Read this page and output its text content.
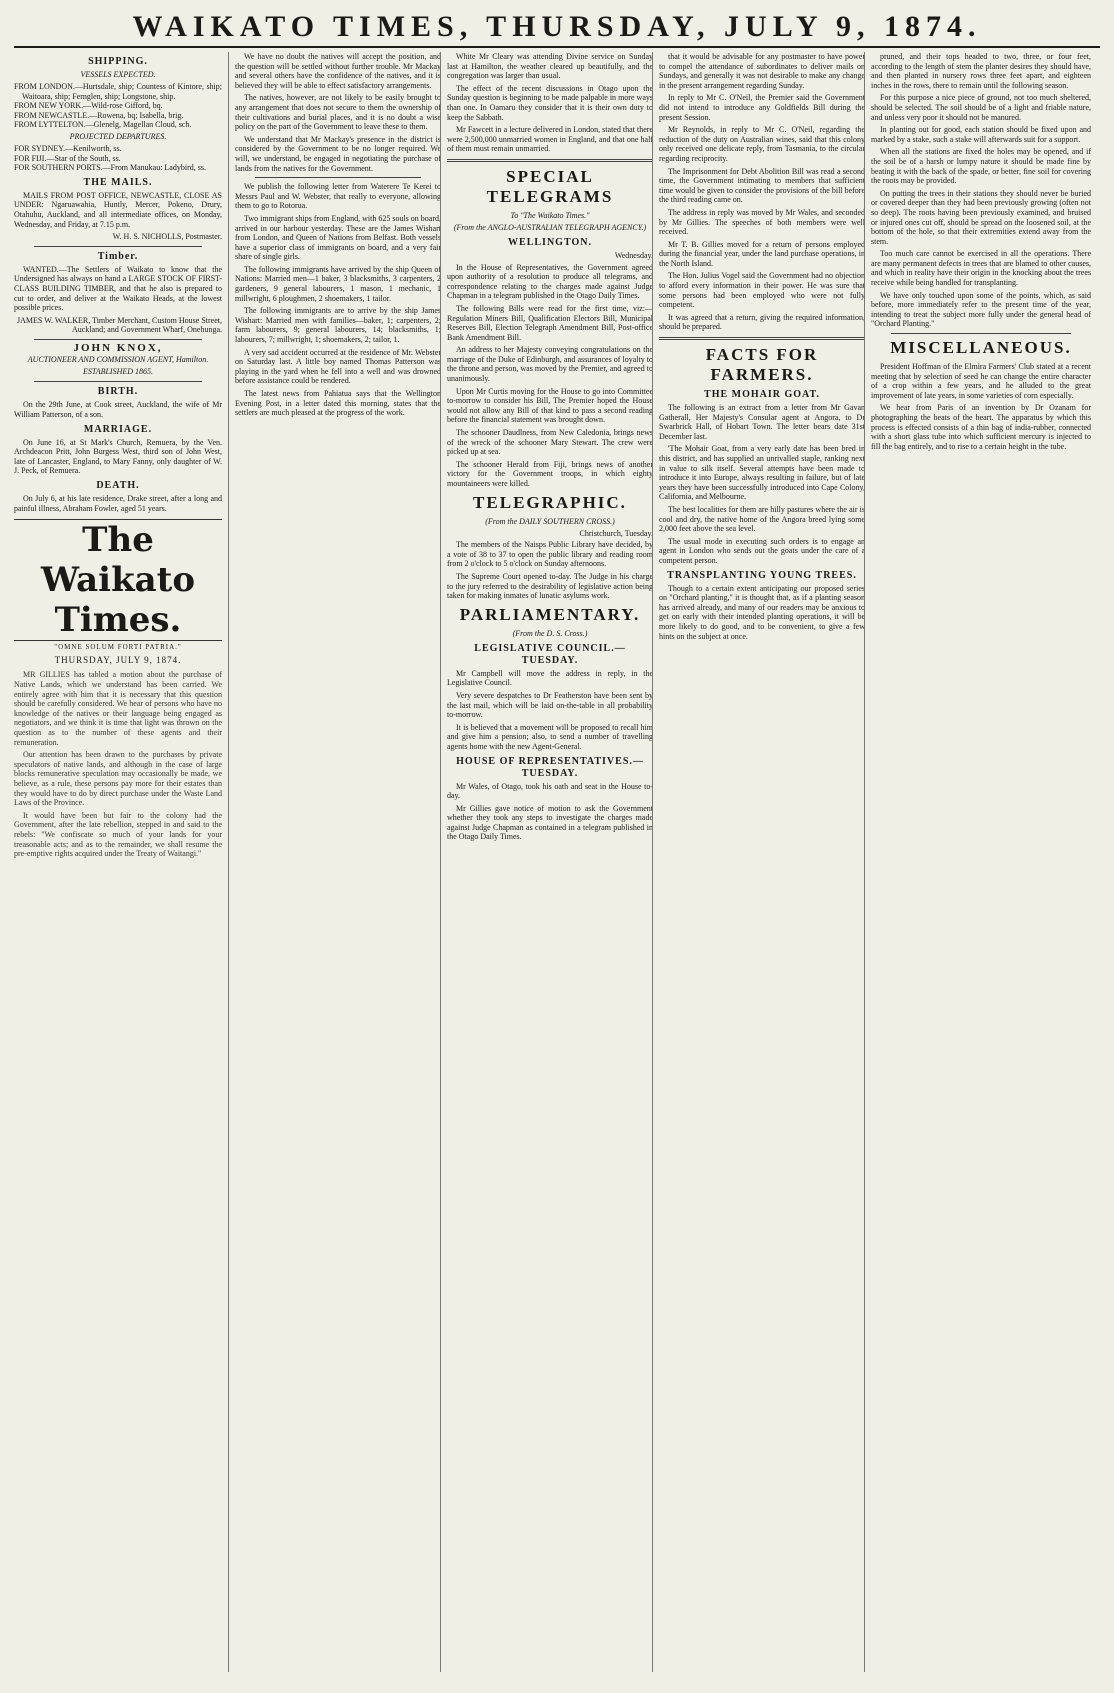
WAIKATO TIMES, THURSDAY, JULY 9, 1874.
SHIPPING.
VESSELS EXPECTED.

FROM LONDON.—Hurtsdale, ship; Countess of Kintore, ship; Waitoara, ship; Fernglen, ship; Longstone, ship.

FROM NEW YORK.—Wild-rose Gifford, bq.

FROM NEWCASTLE.—Rowena, bq; Isabella, brig.

FROM LYTTELTON.—Glenelg, Magellan Cloud, sch.

PROJECTED DEPARTURES.

FOR SYDNEY.—Kenilworth, ss.

FOR FIJI.—Star of the South, ss.

FOR SOUTHERN PORTS.—From Manukau: Ladybird, ss.

THE MAILS.

MAILS FROM POST OFFICE, NEWCASTLE, CLOSE AS UNDER: Ngaruawahia, Huntly, Mercer, Pokeno, Drury, Otahuhu, Auckland, and all intermediate offices, on Monday, Wednesday, and Friday, at 7.15 p.m.

W. H. S. NICHOLLS, Postmaster.
Timber.

WANTED.—The Settlers of Waikato to know that the Undersigned has always on hand a LARGE STOCK OF FIRST-CLASS BUILDING TIMBER, and that he also is prepared to cut to order, and deliver at the Waikato Heads, at the lowest possible prices.

JAMES W. WALKER, Timber Merchant, Custom House Street, Auckland; and Government Wharf, Onehunga.
JOHN KNOX,
AUCTIONEER AND COMMISSION AGENT, Hamilton.
ESTABLISHED 1865.
BIRTH.

On the 29th June, at Cook street, Auckland, the wife of Mr William Patterson, of a son.

MARRIAGE.

On June 16, at St Mark's Church, Remuera, by the Ven. Archdeacon Pritt, John Burgess West, third son of John West, late of Lancaster, England, to Mary Fanny, only daughter of W. J. Peck, of Remuera.

DEATH.

On July 6, at his late residence, Drake street, after a long and painful illness, Abraham Fowler, aged 51 years.

The Waikato Times.
"OMNE SOLUM FORTI PATRIA."
THURSDAY, JULY 9, 1874.

MR GILLIES has tabled a motion about the purchase of Native Lands, which we understand has been carried. We entirely agree with him that it is necessary that this question should be carefully considered. We hear of persons who have no knowledge of the natives or their language being engaged as negotiators, and we think it is time that light was thrown on the question as to the number of these agents and their remuneration.

Our attention has been drawn to the purchases by private speculators of native lands, and although in the case of large blocks remunerative speculation may occasionally be made, we believe, as a rule, these persons pay more for their estates than they would have to do by direct purchase under the Waste Land Laws of the Province.

It would have been but fair to the colony had the Government, after the late rebellion, stepped in and said to the rebels: "We confiscate so much of your lands for your treasonable acts; and as to the remainder, we shall resume the pre-emptive rights acquired under the Treaty of Waitangi."

We have no doubt the natives will accept the position, and the question will be settled without further trouble. Mr Mackay and several others have the confidence of the natives, and it is believed they will be able to effect satisfactory arrangements.

The natives, however, are not likely to be easily brought to any arrangement that does not secure to them the ownership of their cultivations and burial places, and it is no doubt a wise policy on the part of the Government to leave these to them.

We understand that Mr Mackay's presence in the district is considered by the Government to be no longer required. We will, we understand, be engaged in negotiating the purchase of lands from the natives for the Government.

We publish the following letter from Waterere Te Kerei to Messrs Paul and W. Webster, that really to everyone, allowing them to go to Rotorua.

Two immigrant ships from England, with 625 souls on board, arrived in our harbour yesterday. These are the James Wishart from London, and Queen of Nations from Belfast. Both vessels have a superior class of immigrants on board, and a very fair share of single girls.

The following immigrants have arrived by the ship Queen of Nations: Married men—1 baker, 3 blacksmiths, 3 carpenters, 2 gardeners, 9 general labourers, 1 mason, 1 mechanic, 1 millwright, 6 ploughmen, 2 shoemakers, 1 tailor.

The following immigrants are to arrive by the ship James Wishart: Married men with families—baker, 1; carpenters, 2; farm labourers, 9; general labourers, 14; blacksmiths, 1; labourers, 7; millwright, 1; shoemakers, 2; tailor, 1.

A very sad accident occurred at the residence of Mr. Webster on Saturday last. A little boy named Thomas Patterson was playing in the yard when he fell into a well and was drowned before assistance could be rendered.

The latest news from Pahiatua says that the Wellington Evening Post, in a letter dated this morning, states that the settlers are much pleased at the progress of the work.

White Mr Cleary was attending Divine service on Sunday last at Hamilton, the weather cleared up beautifully, and the congregation was larger than usual.

The effect of the recent discussions in Otago upon the Sunday question is beginning to be made palpable in more ways than one. In Oamaru they consider that it is their own duty to keep the Sabbath.

Mr Fawcett in a lecture delivered in London, stated that there were 2,500,000 unmarried women in England, and that one half of them must remain unmarried.

SPECIAL TELEGRAMS
To "The Waikato Times."
(From the ANGLO-AUSTRALIAN TELEGRAPH AGENCY.)
WELLINGTON.
Wednesday.

In the House of Representatives, the Government agreed upon authority of a resolution to produce all telegrams, and correspondence relating to the charges made against Judge Chapman in a telegram published in the Otago Daily Times.

The following Bills were read for the first time, viz:—Regulation Miners Bill, Qualification Electors Bill, Municipal Reserves Bill, Election Telegraph Amendment Bill, Post-office Bank Amendment Bill.

An address to her Majesty conveying congratulations on the marriage of the Duke of Edinburgh, and assurances of loyalty to the throne and person, was moved by the Premier, and agreed to unanimously.

Upon Mr Curtis moving for the House to go into Committee to-morrow to consider his Bill, The Premier hoped the House would not allow any Bill of that kind to pass a second reading before the financial statement was brought down.

The schooner Daudlness, from New Caledonia, brings news of the wreck of the schooner Mary Stewart. The crew were picked up at sea.

The schooner Herald from Fiji, brings news of another victory for the Government troops, in which eighty mountaineers were killed.

TELEGRAPHIC.
(From the DAILY SOUTHERN CROSS.)
Christchurch, Tuesday.

The members of the Naisps Public Library have decided, by a vote of 38 to 37 to open the public library and reading room from 2 o'clock to 5 o'clock on Sunday afternoons.

The Supreme Court opened to-day. The Judge in his charge to the jury referred to the desirability of legislative action being taken for making inmates of lunatic asylums work.

PARLIAMENTARY.
(From the D. S. Cross.)
LEGISLATIVE COUNCIL.—TUESDAY.

Mr Campbell will move the address in reply, in the Legislative Council.

Very severe despatches to Dr Featherston have been sent by the last mail, which will be laid on-the-table in all probability to-morrow.

It is believed that a movement will be proposed to recall him and give him a pension; also, to send a number of travelling agents home with the new Agent-General.

HOUSE OF REPRESENTATIVES.—TUESDAY.

Mr Wales, of Otago, took his oath and seat in the House to-day.

Mr Gillies gave notice of motion to ask the Government whether they took any steps to investigate the charges made against Judge Chapman as contained in a telegram published in the Otago Daily Times.

that it would be advisable for any postmaster to have power to compel the attendance of subordinates to deliver mails on Sundays, and generally it was not desirable to make any change in the present arrangement regarding Sunday.

In reply to Mr C. O'Neil, the Premier said the Government did not intend to introduce any Goldfields Bill during the present Session.

Mr Reynolds, in reply to Mr C. O'Neil, regarding the reduction of the duty on Australian wines, said that this colony only received one delicate reply, from Tasmania, to the circular regarding reciprocity.

The Imprisonment for Debt Abolition Bill was read a second time, the Government intimating to members that sufficient time would be given to consider the provisions of the bill before the third reading came on.

The address in reply was moved by Mr Wales, and seconded by Mr Gillies. The speeches of both members were well received.

Mr T. B. Gillies moved for a return of persons employed during the financial year, under the land purchase operations, in the North Island.

The Hon. Julius Vogel said the Government had no objection to afford every information in their power. He was sure that some persons had been employed who were not fully competent.

It was agreed that a return, giving the required information, should be prepared.

FACTS FOR FARMERS.
THE MOHAIR GOAT.

The following is an extract from a letter from Mr Gavan Gatherall, Her Majesty's Consular agent at Angora, to Dr Swarbrick Hall, of Hobart Town. The letter bears date 31st December last.

'The Mohair Goat, from a very early date has been bred in this district, and has supplied an unrivalled staple, ranking next in value to silk itself. Several attempts have been made to introduce it into Europe, always resulting in failure, but of late years they have been successfully introduced into Cape Colony, California, and Melbourne.

The best localities for them are hilly pastures where the air is cool and dry, the native home of the Angora breed lying some 2,000 feet above the sea level.

The usual mode in executing such orders is to engage an agent in London who sends out the goats under the care of a competent person.

TRANSPLANTING YOUNG TREES.

Though to a certain extent anticipating our proposed series on "Orchard planting," it is thought that, as if a planting season has arrived already, and many of our readers may be anxious to get on early with their intended planting operations, it will be more likely to do good, and to be convenient, to give a few hints on the subject at once.

pruned, and their tops headed to two, three, or four feet, according to the length of stem the planter desires they should have, and then planted in nursery rows three feet apart, and eighteen inches in the rows, there to remain until the following season.

For this purpose a nice piece of ground, not too much sheltered, should be selected. The soil should be of a light and friable nature, and unless very poor it should not be manured.

In planting out for good, each station should be fixed upon and marked by a stake, such a stake will afterwards suit for a support.

When all the stations are fixed the holes may be opened, and if the soil be of a harsh or lumpy nature it should be made fine by beating it with the back of the spade, or better, fine soil for covering the roots may be provided.

On putting the trees in their stations they should never be buried or covered deeper than they had been previously growing (often not so deep). The roots having been previously examined, and bruised or injured ones cut off, should be spread on the loosened soil, at the bottom of the hole, so that their extremities extend away from the stem.

Too much care cannot be exercised in all the operations. There are many permanent defects in trees that are blamed to other causes, and which in reality have their origin in the knocking about the trees receive while being handled for transplanting.

We have only touched upon some of the points, which, as said before, more immediately refer to the present time of the year, intending to treat the subject more fully under the general head of "Orchard Planting."

MISCELLANEOUS.

President Hoffman of the Elmira Farmers' Club stated at a recent meeting that by selection of seed he can change the entire character of a crop within a few years, and he alluded to the great improvement of late years, in some varieties of corn especially.

We hear from Paris of an invention by Dr Ozanam for photographing the beats of the heart. The apparatus by which this process is effected consists of a thin bag of india-rubber, connected with a short glass tube into which sufficient mercury is injected to fill the bag entirely, and to rise to a certain height in the tube.
